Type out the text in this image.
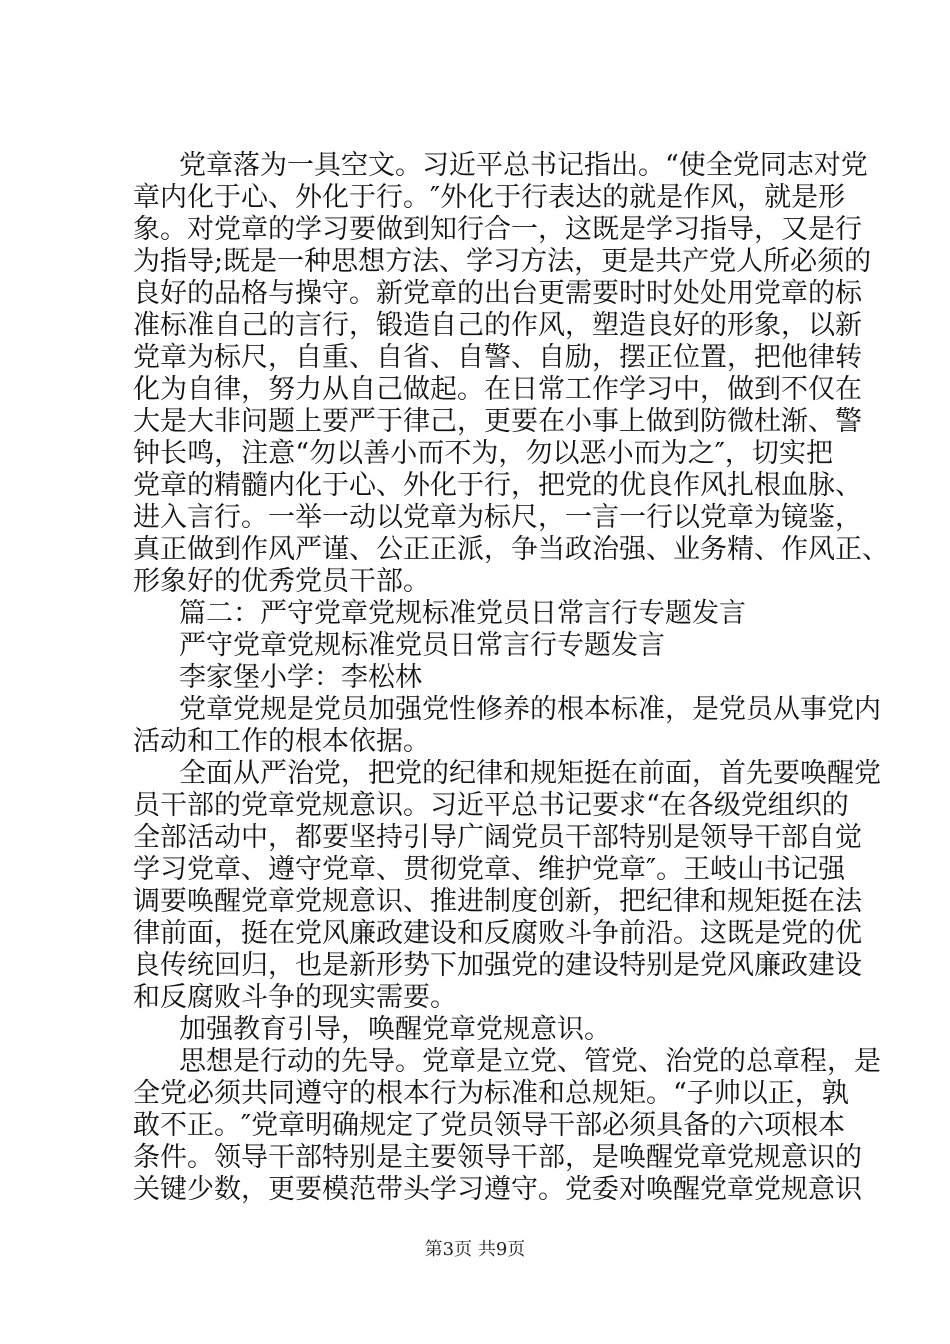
党章落为一具空文。习近平总书记指出。“使全党同志对党
章内化于心、外化于行。″外化于行表达的就是作风，就是形
象。对党章的学习要做到知行合一，这既是学习指导，又是行
为指导;既是一种思想方法、学习方法，更是共产党人所必须的
良好的品格与操守。新党章的出台更需要时时处处用党章的标
准标准自己的言行，锻造自己的作风，塑造良好的形象，以新
党章为标尺，自重、自省、自警、自励，摆正位置，把他律转
化为自律，努力从自己做起。在日常工作学习中，做到不仅在
大是大非问题上要严于律己，更要在小事上做到防微杜渐、警
钟长鸣，注意“勿以善小而不为，勿以恶小而为之″，切实把
党章的精髓内化于心、外化于行，把党的优良作风扎根血脉、
进入言行。一举一动以党章为标尺，一言一行以党章为镜鉴，
真正做到作风严谨、公正正派，争当政治强、业务精、作风正、
形象好的优秀党员干部。
篇二：严守党章党规标准党员日常言行专题发言
严守党章党规标准党员日常言行专题发言
李家堡小学：李松林
党章党规是党员加强党性修养的根本标准，是党员从事党内
活动和工作的根本依据。
全面从严治党，把党的纪律和规矩挺在前面，首先要唤醒党
员干部的党章党规意识。习近平总书记要求“在各级党组织的
全部活动中，都要坚持引导广阔党员干部特别是领导干部自觉
学习党章、遵守党章、贯彻党章、维护党章″。王岐山书记强
调要唤醒党章党规意识、推进制度创新，把纪律和规矩挺在法
律前面，挺在党风廉政建设和反腐败斗争前沿。这既是党的优
良传统回归，也是新形势下加强党的建设特别是党风廉政建设
和反腐败斗争的现实需要。
加强教育引导，唤醒党章党规意识。
思想是行动的先导。党章是立党、管党、治党的总章程，是
全党必须共同遵守的根本行为标准和总规矩。“子帅以正，孰
敢不正。″党章明确规定了党员领导干部必须具备的六项根本
条件。领导干部特别是主要领导干部，是唤醒党章党规意识的
关键少数，更要模范带头学习遵守。党委对唤醒党章党规意识
第3页 共9页
